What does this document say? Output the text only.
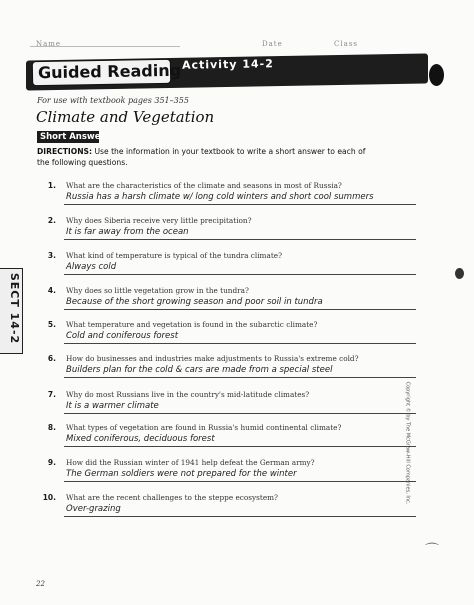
Name	Date	Class
Guided Reading Activity 14-2
For use with textbook pages 351–355
Climate and Vegetation
Short Answer
DIRECTIONS: Use the information in your textbook to write a short answer to each of the following questions.
1. What are the characteristics of the climate and seasons in most of Russia?
Russia has a harsh climate w/ long cold winters and short cool summers
2. Why does Siberia receive very little precipitation?
It is far away from the ocean
3. What kind of temperature is typical of the tundra climate?
Always cold
4. Why does so little vegetation grow in the tundra?
Because of the short growing season and poor soil in tundra
5. What temperature and vegetation is found in the subarctic climate?
Cold and coniferous forest
6. How do businesses and industries make adjustments to Russia's extreme cold?
Builders plan for the cold & cars are made from a special steel
7. Why do most Russians live in the country's mid-latitude climates?
It is a warmer climate
8. What types of vegetation are found in Russia's humid continental climate?
Mixed coniferous, deciduous forest
9. How did the Russian winter of 1941 help defeat the German army?
The German soldiers were not prepared for the winter
10. What are the recent challenges to the steppe ecosystem?
Over-grazing
SECT 14-2
Copyright © by The McGraw-Hill Companies, Inc.
⌒
22
